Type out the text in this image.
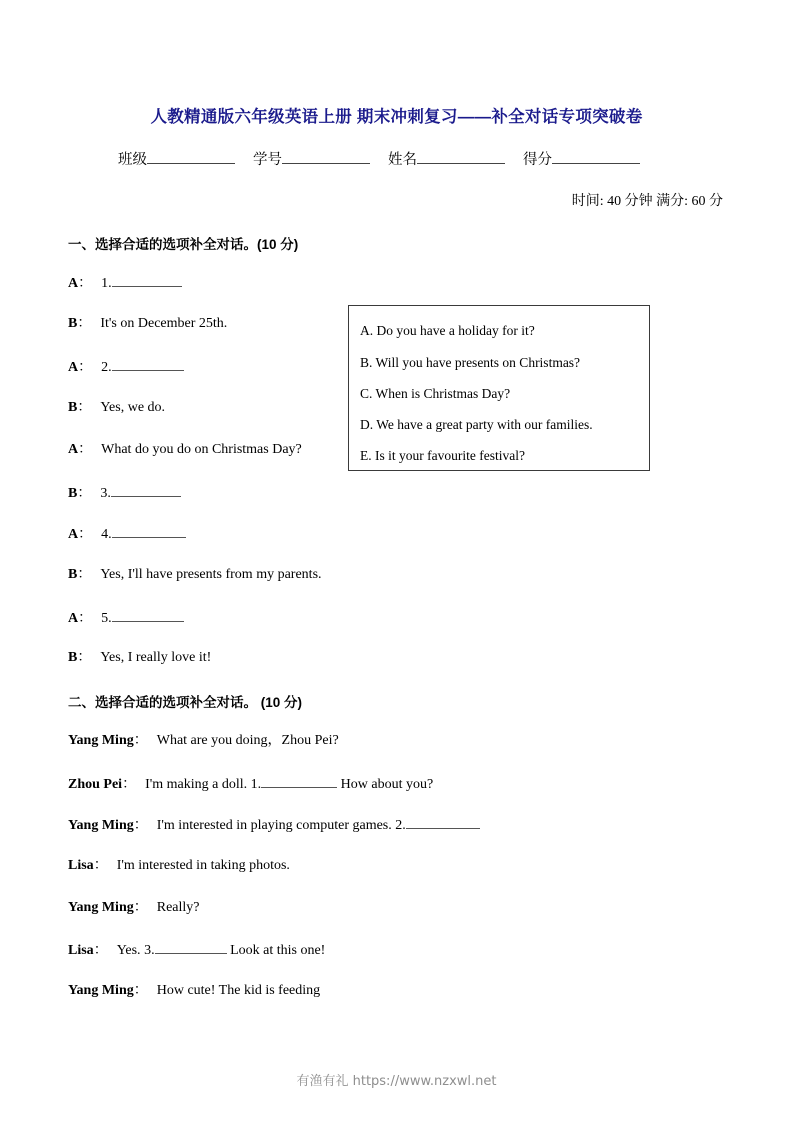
人教精通版六年级英语上册 期末冲刺复习——补全对话专项突破卷
班级	学号	姓名	得分
时间: 40 分钟 满分: 60 分
一、选择合适的选项补全对话。(10 分)
A： 1.
B： It's on December 25th.
A： 2.
B： Yes, we do.
A： What do you do on Christmas Day?
B： 3.
A： 4.
B： Yes, I'll have presents from my parents.
A： 5.
B： Yes, I really love it!
A. Do you have a holiday for it?
B. Will you have presents on Christmas?
C. When is Christmas Day?
D. We have a great party with our families.
E. Is it your favourite festival?
二、选择合适的选项补全对话。 (10 分)
Yang Ming： What are you doing，Zhou Pei?
Zhou Pei： I'm making a doll. 1.	How about you?
Yang Ming： I'm interested in playing computer games. 2.
Lisa： I'm interested in taking photos.
Yang Ming： Really?
Lisa： Yes. 3.	Look at this one!
Yang Ming： How cute! The kid is feeding
有渔有礼 https://www.nzxwl.net
